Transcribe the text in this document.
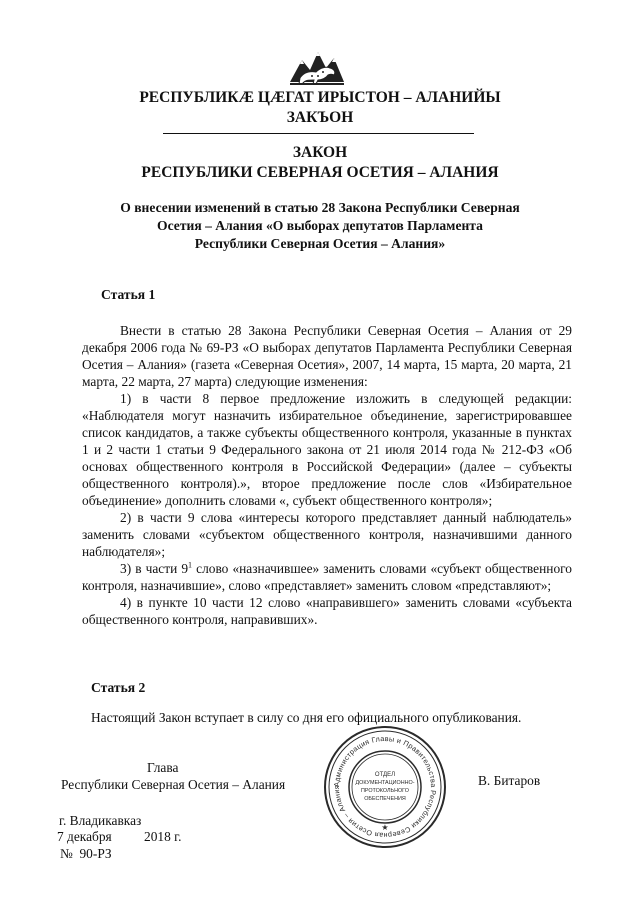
РЕСПУБЛИКÆ ЦÆГАТ ИРЫСТОН – АЛАНИЙЫ
ЗАКЪОН
ЗАКОН
РЕСПУБЛИКИ СЕВЕРНАЯ ОСЕТИЯ – АЛАНИЯ
О внесении изменений в статью 28 Закона Республики Северная
Осетия – Алания «О выборах депутатов Парламента
Республики Северная Осетия – Алания»
Статья 1

Внести в статью 28 Закона Республики Северная Осетия – Алания от 29 декабря 2006 года № 69-РЗ «О выборах депутатов Парламента Республики Северная Осетия – Алания» (газета «Северная Осетия», 2007, 14 марта, 15 марта, 20 марта, 21 марта, 22 марта, 27 марта) следующие изменения:

1) в части 8 первое предложение изложить в следующей редакции: «Наблюдателя могут назначить избирательное объединение, зарегистрировавшее список кандидатов, а также субъекты общественного контроля, указанные в пунктах 1 и 2 части 1 статьи 9 Федерального закона от 21 июля 2014 года № 212-ФЗ «Об основах общественного контроля в Российской Федерации» (далее – субъекты общественного контроля).», второе предложение после слов «Избирательное объединение» дополнить словами «, субъект общественного контроля»;

2) в части 9 слова «интересы которого представляет данный наблюдатель» заменить словами «субъектом общественного контроля, назначившими данного наблюдателя»;

3) в части $9^1$ слово «назначившее» заменить словами «субъект общественного контроля, назначившие», слово «представляет» заменить словом «представляют»;

4) в пункте 10 части 12 слово «направившего» заменить словами «субъекта общественного контроля, направивших».

Статья 2
Настоящий Закон вступает в силу со дня его официального опубликования.
Глава
Республики Северная Осетия – Алания	В. Битаров
Администрация Главы и Правительства Республики Северная Осетия – Алания
ОТДЕЛ
ДОКУМЕНТАЦИОННО-
ПРОТОКОЛЬНОГО
ОБЕСПЕЧЕНИЯ
★
г. Владикавказ
7 декабря 2018 г.
№  90-РЗ
